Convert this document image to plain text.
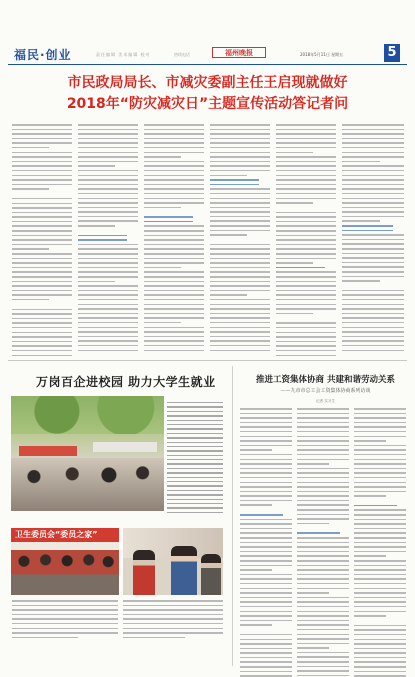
福民·创业	责任编辑 美术编辑 校对	热线电话	福州晚报	2018年5月11日 星期五	5
市民政局局长、市减灾委副主任王启现就做好
2018年“防灾减灾日”主题宣传活动答记者问
万岗百企进校园 助力大学生就业
卫生委员会“委员之家”
推进工资集体协商 共建和谐劳动关系
——九市市总工会工资集体协商系列访谈
记者 实习生
